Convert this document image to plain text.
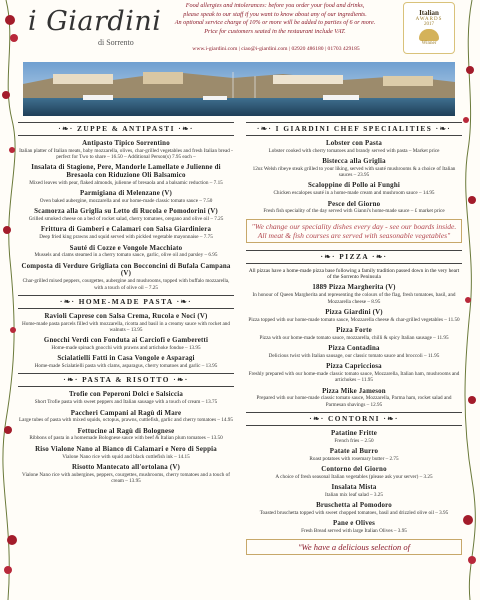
i Giardini
di Sorrento
Food allergies and intolerances: before you order your food and drinks,
please speak to our staff if you want to know about any of our ingredients.
An optional service charge of 10% or more will be added to parties of 6 or more.
Price for customers seated in the restaurant include VAT.
www.i-giardini.com | ciao@i-giardini.com | 02920 486180 | 01703 429185
Italian
AWARDS
2017
Winner
·❧· ZUPPE & ANTIPASTI ·❧·
Antipasto Tipico Sorrentino
Italian platter of Italian meats, baby mozzarella, olives, char-grilled vegetables and fresh Italian bread - perfect for Two to share – 16.50 – Additional Person(s) 7.95 each –
Insalata di Stagione, Pere, Mandorle Lamellate e Julienne di Bresaola con Riduzione Oli Balsamico
Mixed leaves with pear, flaked almonds, julienne of bresaola and a balsamic reduction – 7.15
Parmigiana di Melenzane (V)
Oven baked aubergine, mozzarella and our home-made classic tomato sauce – 7.50
Scamorza alla Griglia su Letto di Rucola e Pomodorini (V)
Grilled smoked cheese on a bed of rocket salad, cherry tomatoes, oregano and olive oil – 7.25
Frittura di Gamberi e Calamari con Salsa Giardiniera
Deep fried king prawns and squid served with pickled vegetable mayonnaise – 7.75
Sauté di Cozze e Vongole Macchiato
Mussels and clams steamed in a cherry tomato sauce, garlic, olive oil and parsley – 6.95
Composta di Verdure Grigliata con Bocconcini di Bufala Campana (V)
Char-grilled mixed peppers, courgettes, aubergine and mushrooms, topped with buffalo mozzarella, with a touch of olive oil – 7.25
·❧· HOME-MADE PASTA ·❧·
Ravioli Caprese con Salsa Crema, Rucola e Noci (V)
Home-made pasta parcels filled with mozzarella, ricotta and basil in a creamy sauce with rocket and walnuts – 13.95
Gnocchi Verdi con Fonduta ai Carciofi e Gamberetti
Home-made spinach gnocchi with prawns and artichoke fondue – 13.95
Scialatielli Fatti in Casa Vongole e Asparagi
Home-made Scialatielli pasta with clams, asparagus, cherry tomatoes and garlic – 13.95
·❧· PASTA & RISOTTO ·❧·
Trofie con Peperoni Dolci e Salsiccia
Short Trofie pasta with sweet peppers and Italian sausage with a touch of cream – 13.75
Paccheri Campani al Ragù di Mare
Large tubes of pasta with mixed squids, octopus, prawns, cuttlefish, garlic and cherry tomatoes – 14.95
Fettucine al Ragù di Bolognese
Ribbons of pasta in a homemade Bolognese sauce with beef & Italian plum tomatoes – 13.50
Riso Vialone Nano al Bianco di Calamari e Nero di Seppia
Vialone Nano rice with squid and black cuttlefish ink – 14.15
Risotto Mantecato all'ortolana (V)
Vialone Nano rice with aubergines, peppers, courgettes, mushrooms, cherry tomatoes and a touch of cream – 13.95
·❧· I GIARDINI CHEF SPECIALITIES ·❧·
Lobster con Pasta
Lobster cooked with cherry tomatoes and brandy served with pasta – Market price
Bistecca alla Griglia
12oz Welsh ribeye steak grilled to your liking, served with sauté mushrooms & a choice of Italian sauces – 23.95
Scaloppine di Pollo ai Funghi
Chicken escalopes sauté in a home-made cream and mushroom sauce – 14.95
Pesce del Giorno
Fresh fish speciality of the day served with Gianni's home-made sauce – £ market price
"We change our speciality dishes every day - see our boards inside. All meat & fish courses are served with seasonable vegetables"
·❧· PIZZA ·❧·
All pizzas have a home-made pizza base following a family tradition passed down in the very heart of the Sorrento Peninsula
1889 Pizza Margherita (V)
In honour of Queen Margherita and representing the colours of the flag, fresh tomatoes, basil, and Mozzarella cheese – 8.95
Pizza Giardini (V)
Pizza topped with our home-made tomato sauce, Mozzarella cheese & char-grilled vegetables – 11.50
Pizza Forte
Pizza with our home-made tomato sauce, mozzarella, chilli & spicy Italian sausage – 11.95
Pizza Contadina
Delicious twist with Italian sausage, our classic tomato sauce and broccoli – 11.95
Pizza Capricciosa
Freshly prepared with our home-made classic tomato sauce, Mozzarella, Italian ham, mushrooms and artichokes – 11.95
Pizza Mike Jameson
Prepared with our home-made classic tomato sauce, Mozzarella, Parma ham, rocket salad and Parmesan shavings – 12.95
·❧· CONTORNI ·❧·
Patatine Fritte
French fries – 2.50
Patate al Burro
Roast potatoes with rosemary butter – 2.75
Contorno del Giorno
A choice of fresh seasonal Italian vegetables (please ask your server) – 3.25
Insalata Mista
Italian mix leaf salad – 3.25
Bruschetta al Pomodoro
Toasted bruschetta topped with sweet chopped tomatoes, basil and drizzled olive oil – 3.95
Pane e Olives
Fresh Bread served with large Italian Olives – 3.95
"We have a delicious selection of
